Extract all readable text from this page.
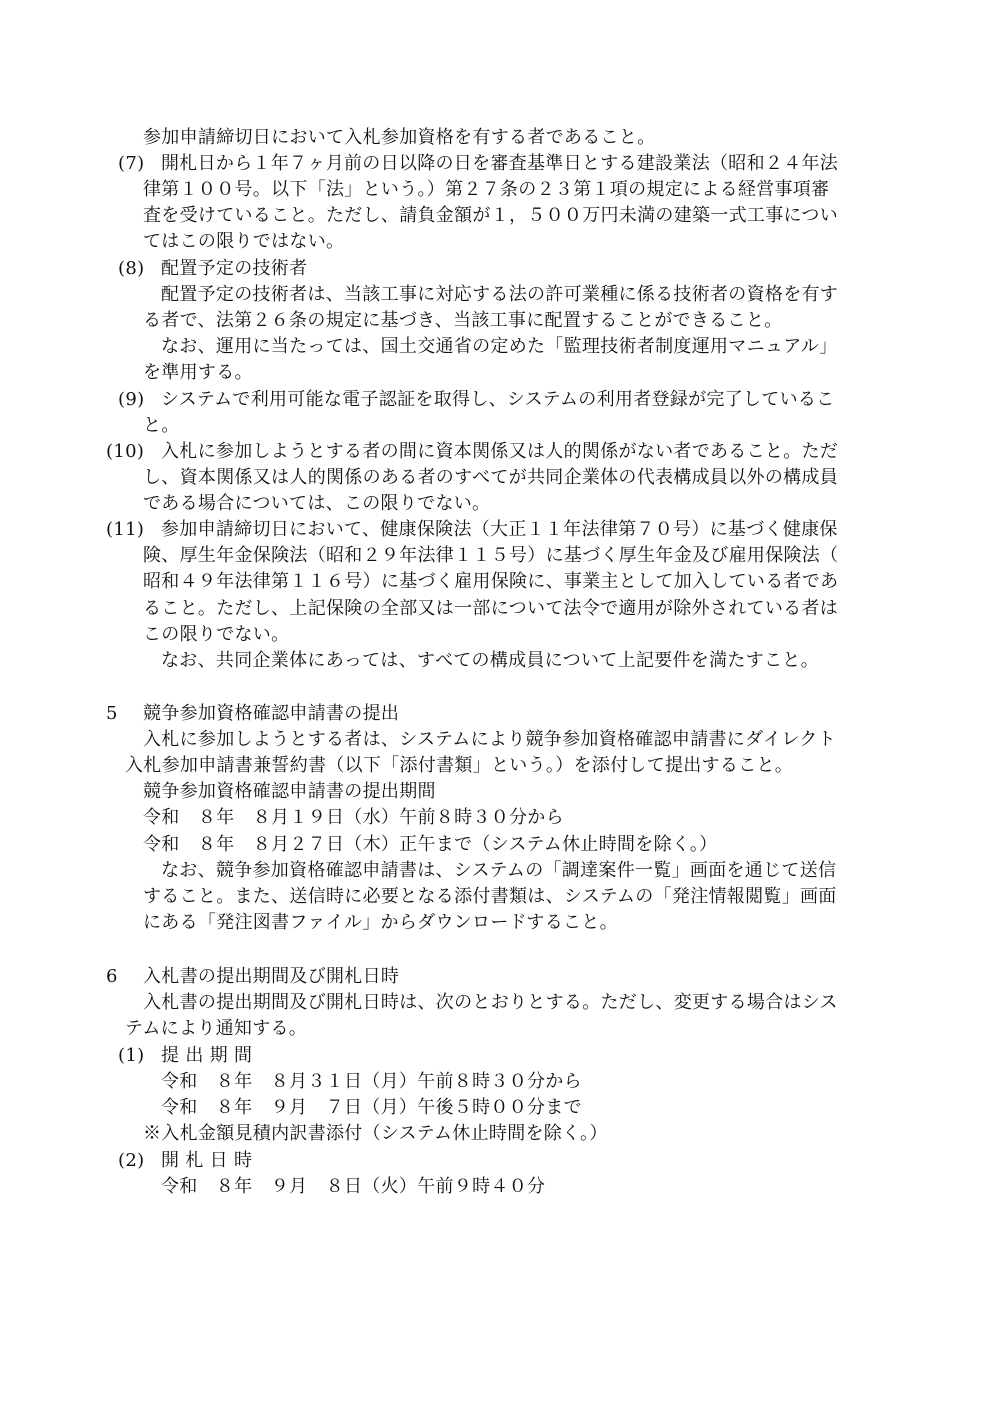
参加申請締切日において入札参加資格を有する者であること。
(7) 開札日から１年７ヶ月前の日以降の日を審査基準日とする建設業法（昭和２４年法
律第１００号。以下「法」という。）第２７条の２３第１項の規定による経営事項審
査を受けていること。ただし、請負金額が１，５００万円未満の建築一式工事につい
てはこの限りではない。
(8) 配置予定の技術者
配置予定の技術者は、当該工事に対応する法の許可業種に係る技術者の資格を有す
る者で、法第２６条の規定に基づき、当該工事に配置することができること。
なお、運用に当たっては、国土交通省の定めた「監理技術者制度運用マニュアル」
を準用する。
(9) システムで利用可能な電子認証を取得し、システムの利用者登録が完了しているこ
と。
(10) 入札に参加しようとする者の間に資本関係又は人的関係がない者であること。ただ
し、資本関係又は人的関係のある者のすべてが共同企業体の代表構成員以外の構成員
である場合については、この限りでない。
(11) 参加申請締切日において、健康保険法（大正１１年法律第７０号）に基づく健康保
険、厚生年金保険法（昭和２９年法律１１５号）に基づく厚生年金及び雇用保険法（
昭和４９年法律第１１６号）に基づく雇用保険に、事業主として加入している者であ
ること。ただし、上記保険の全部又は一部について法令で適用が除外されている者は
この限りでない。
なお、共同企業体にあっては、すべての構成員について上記要件を満たすこと。
5 競争参加資格確認申請書の提出
入札に参加しようとする者は、システムにより競争参加資格確認申請書にダイレクト
入札参加申請書兼誓約書（以下「添付書類」という。）を添付して提出すること。
競争参加資格確認申請書の提出期間
令和　８年　８月１９日（水）午前８時３０分から
令和　８年　８月２７日（木）正午まで（システム休止時間を除く。）
なお、競争参加資格確認申請書は、システムの「調達案件一覧」画面を通じて送信
すること。また、送信時に必要となる添付書類は、システムの「発注情報閲覧」画面
にある「発注図書ファイル」からダウンロードすること。
6 入札書の提出期間及び開札日時
入札書の提出期間及び開札日時は、次のとおりとする。ただし、変更する場合はシス
テムにより通知する。
(1) 提 出 期 間
令和　８年　８月３１日（月）午前８時３０分から
令和　８年　９月　７日（月）午後５時００分まで
※入札金額見積内訳書添付（システム休止時間を除く。）
(2) 開 札 日 時
令和　８年　９月　８日（火）午前９時４０分
